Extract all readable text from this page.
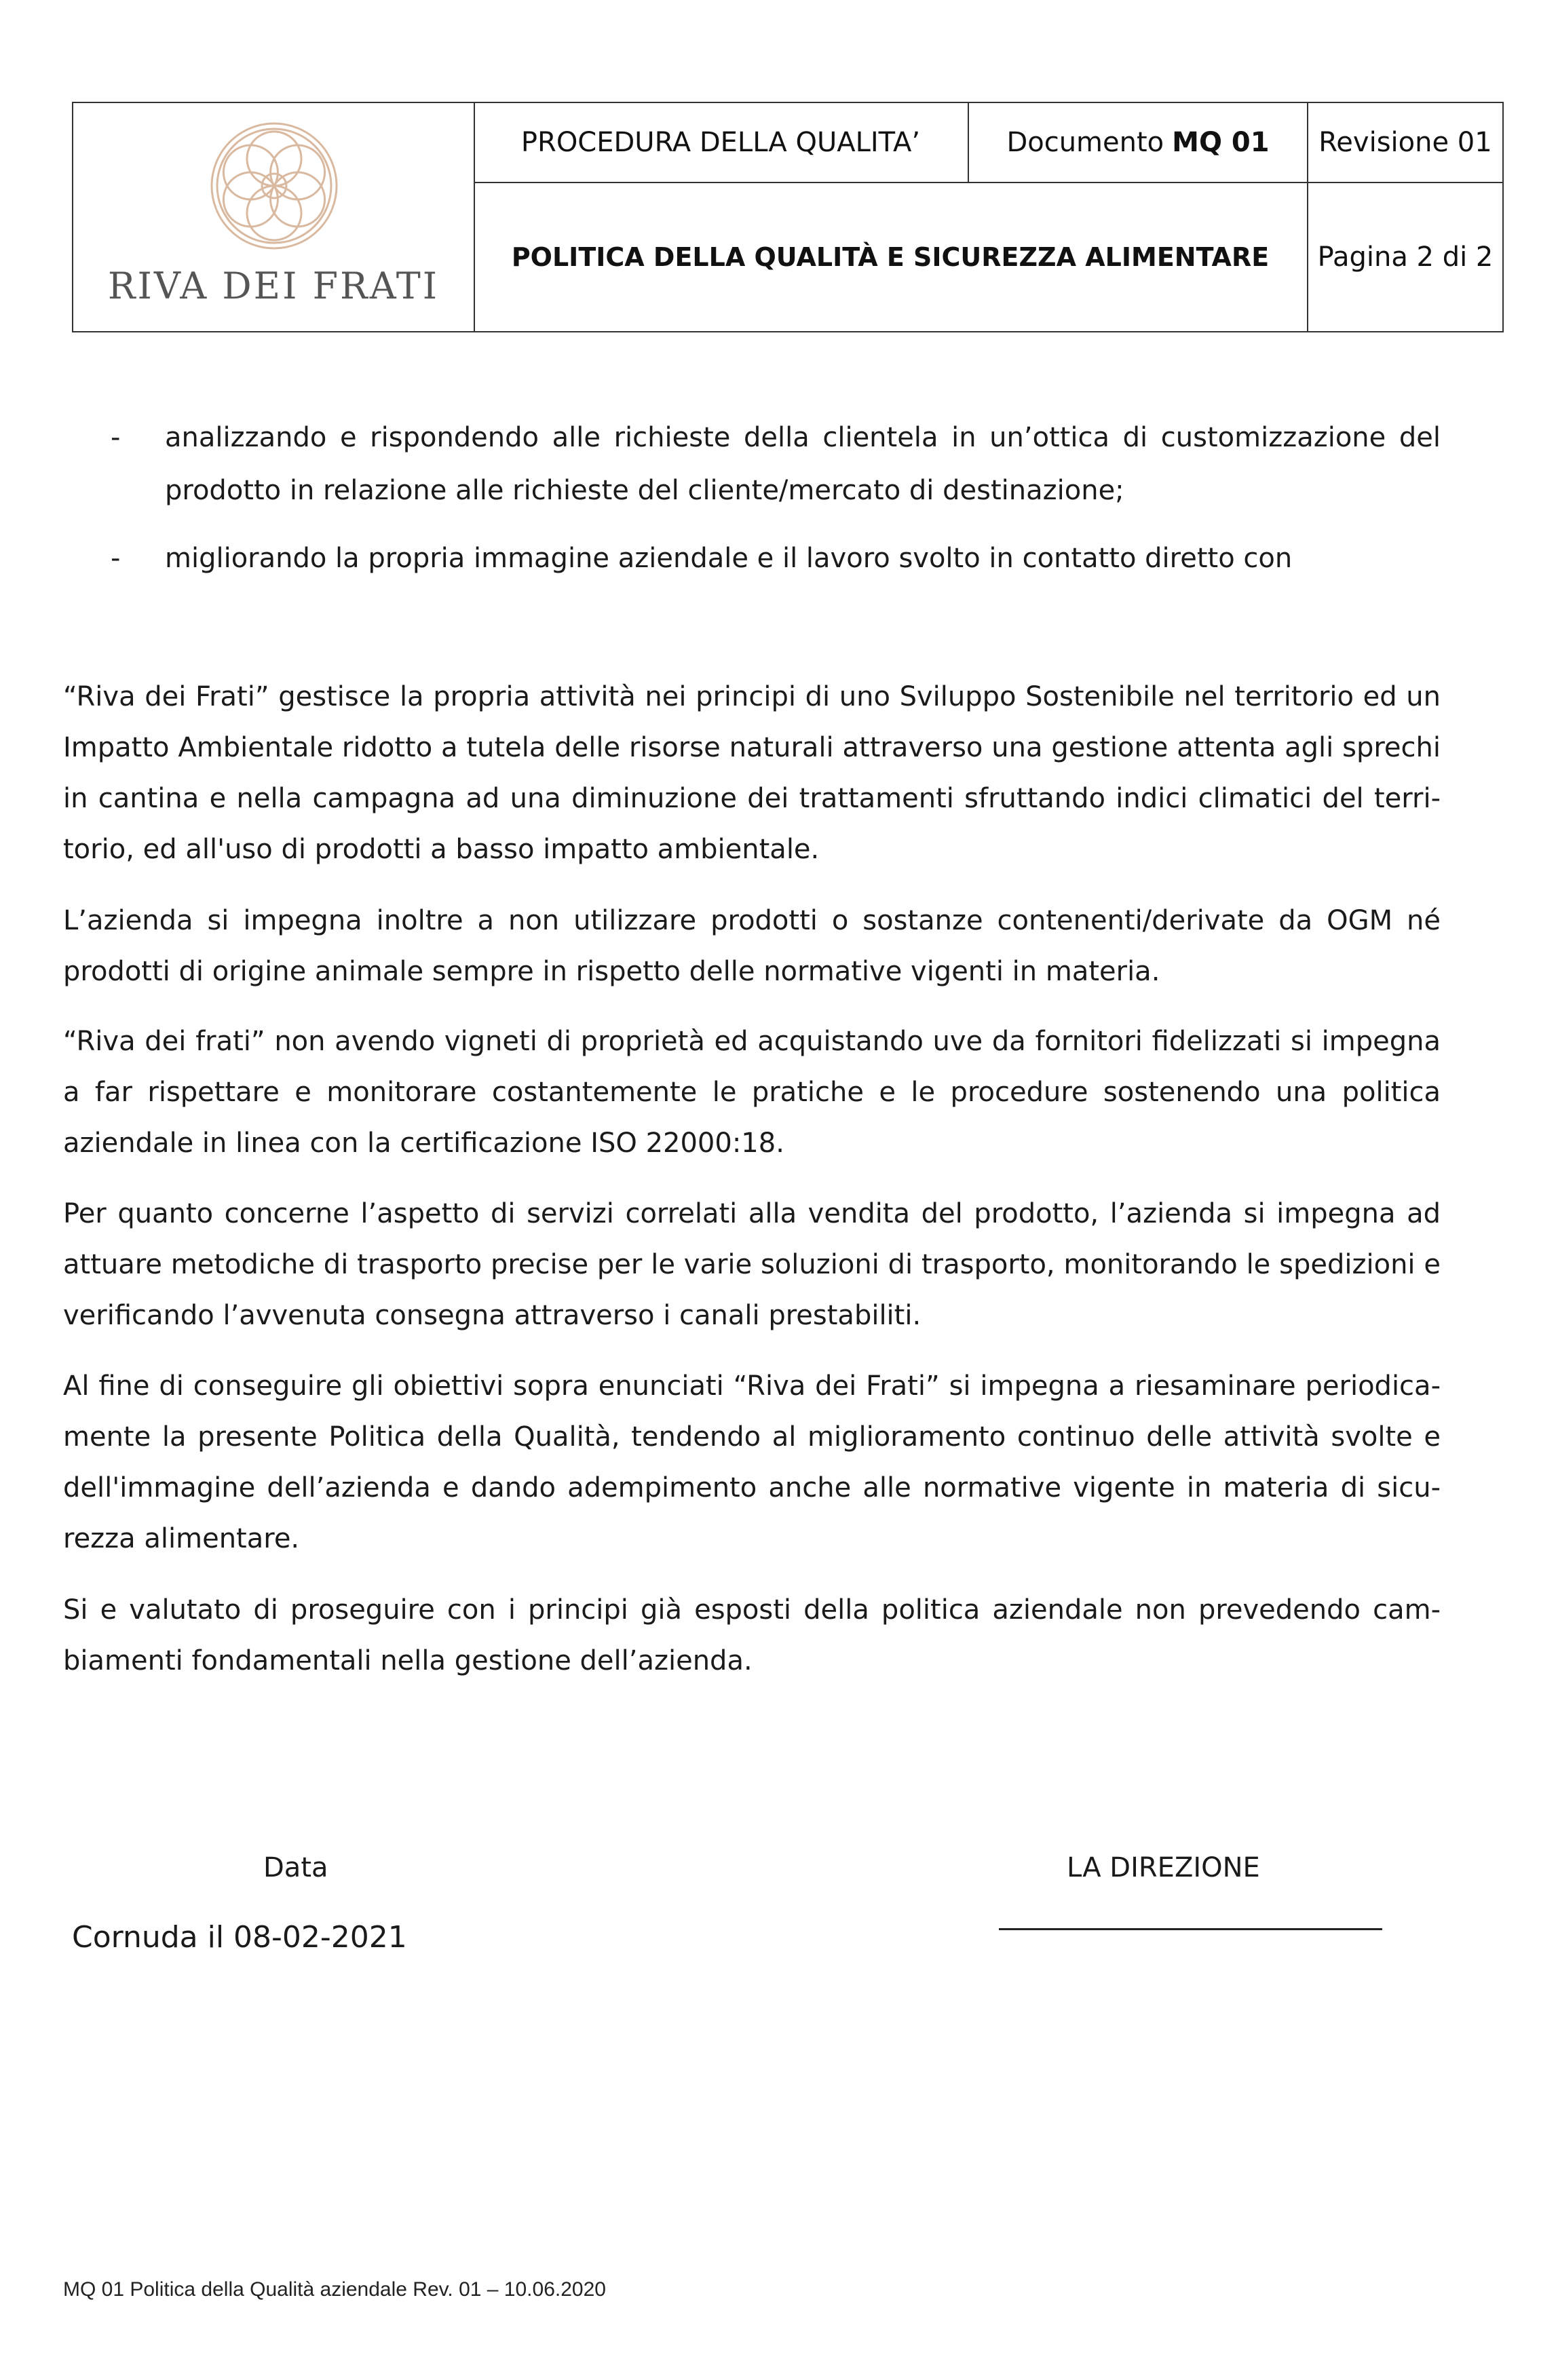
RIVA DEI FRATI
PROCEDURA DELLA QUALITA’	Documento MQ 01	Revisione 01
POLITICA DELLA QUALITÀ E SICUREZZA ALIMENTARE	Pagina 2 di 2
- analizzando e rispondendo alle richieste della clientela in un’ottica di customizzazione del prodotto in relazione alle richieste del cliente/mercato di destinazione;
- migliorando la propria immagine aziendale e il lavoro svolto in contatto diretto con
“Riva dei Frati” gestisce la propria attività nei principi di uno Sviluppo Sostenibile nel territorio ed un Impatto Ambientale ridotto a tutela delle risorse naturali attraverso una gestione attenta agli sprechi in cantina e nella campagna ad una diminuzione dei trattamenti sfruttando indici climatici del territorio, ed all'uso di prodotti a basso impatto ambientale.
L’azienda si impegna inoltre a non utilizzare prodotti o sostanze contenenti/derivate da OGM né prodotti di origine animale sempre in rispetto delle normative vigenti in materia.
“Riva dei frati” non avendo vigneti di proprietà ed acquistando uve da fornitori fidelizzati si impegna a far rispettare e monitorare costantemente le pratiche e le procedure sostenendo una politica aziendale in linea con la certificazione ISO 22000:18.
Per quanto concerne l’aspetto di servizi correlati alla vendita del prodotto, l’azienda si impegna ad attuare metodiche di trasporto precise per le varie soluzioni di trasporto, monitorando le spedizioni e verificando l’avvenuta consegna attraverso i canali prestabiliti.
Al fine di conseguire gli obiettivi sopra enunciati “Riva dei Frati” si impegna a riesaminare periodicamente la presente Politica della Qualità, tendendo al miglioramento continuo delle attività svolte e dell'immagine dell’azienda e dando adempimento anche alle normative vigente in materia di sicurezza alimentare.
Si e valutato di proseguire con i principi già esposti della politica aziendale non prevedendo cambiamenti fondamentali nella gestione dell’azienda.
Data
Cornuda il 08-02-2021
LA DIREZIONE
MQ 01 Politica della Qualità aziendale Rev. 01 – 10.06.2020
